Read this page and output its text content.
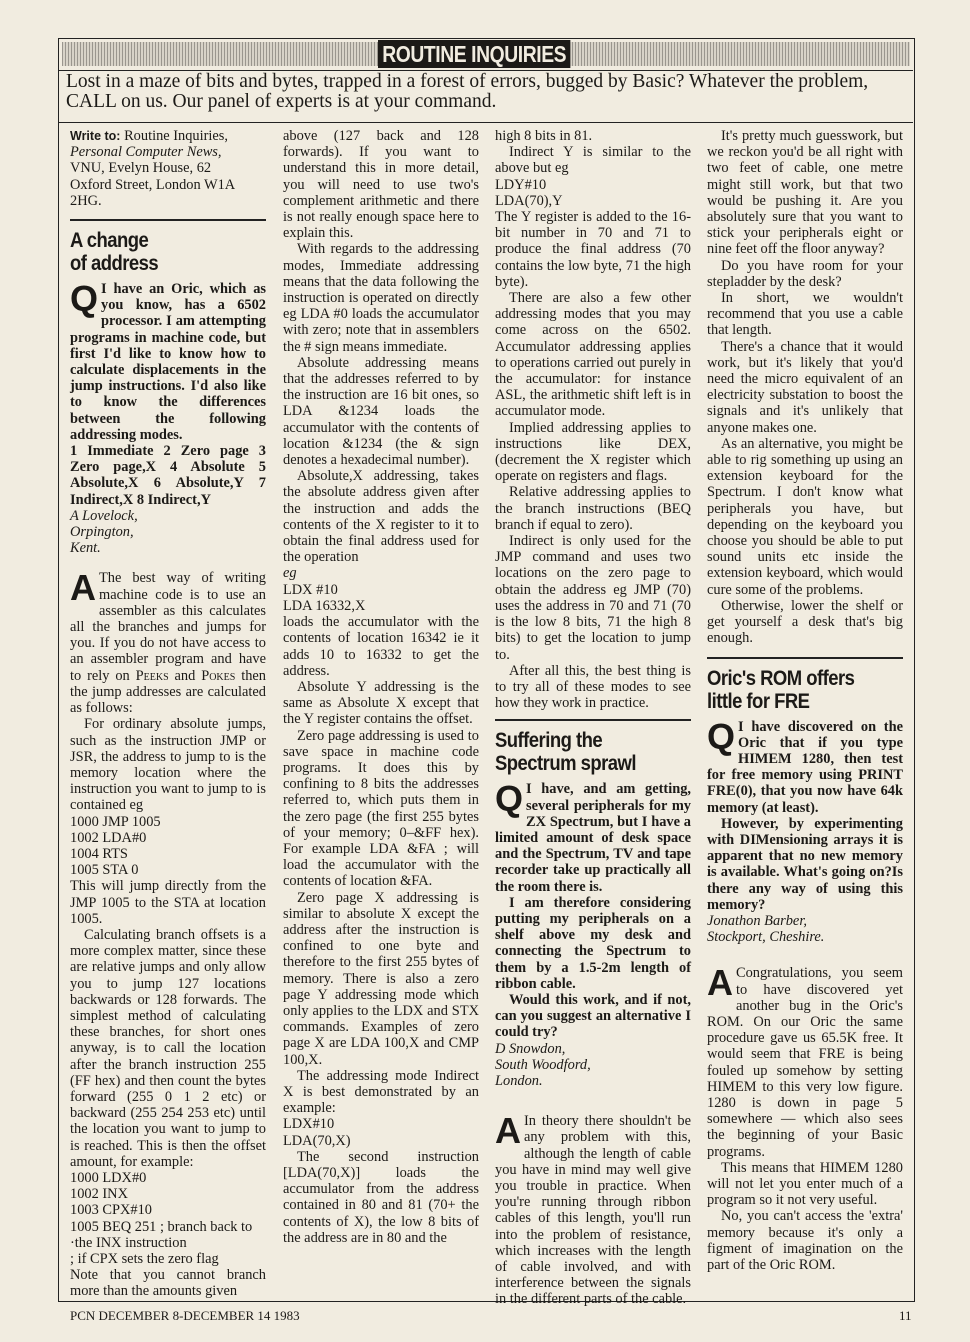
ROUTINE INQUIRIES
Lost in a maze of bits and bytes, trapped in a forest of errors, bugged by Basic? Whatever the problem, CALL on us. Our panel of experts is at your command.

Write to: Routine Inquiries,

Personal Computer News,

VNU, Evelyn House, 62

Oxford Street, London W1A

2HG.

A change
of address

Q I have an Oric, which as you know, has a 6502 processor. I am attempting programs in machine code, but first I'd like to know how to calculate displacements in the jump instructions. I'd also like to know the differences between the following addressing modes.

1 Immediate 2 Zero page 3 Zero page,X 4 Absolute 5 Absolute,X 6 Absolute,Y 7 Indirect,X 8 Indirect,Y

A Lovelock,

Orpington,

Kent.

A The best way of writing machine code is to use an assembler as this calculates all the branches and jumps for you. If you do not have access to an assembler program and have to rely on Peeks and Pokes then the jump addresses are calculated as follows:

For ordinary absolute jumps, such as the instruction JMP or JSR, the address to jump to is the memory location where the instruction you want to jump to is contained eg

1000 JMP 1005

1002 LDA#0

1004 RTS

1005 STA 0

This will jump directly from the JMP 1005 to the STA at location 1005.

Calculating branch offsets is a more complex matter, since these are relative jumps and only allow you to jump 127 locations backwards or 128 forwards. The simplest method of calculating these branches, for short ones anyway, is to call the location after the branch instruction 255 (FF hex) and then count the bytes forward (255 0 1 2 etc) or backward (255 254 253 etc) until the location you want to jump to is reached. This is then the offset amount, for example:

1000 LDX#0

1002 INX

1003 CPX#10

1005 BEQ 251 ; branch back to

·the INX instruction

; if CPX sets the zero flag

Note that you cannot branch more than the amounts given

above (127 back and 128 forwards). If you want to understand this in more detail, you will need to use two's complement arithmetic and there is not really enough space here to explain this.

With regards to the addressing modes, Immediate addressing means that the data following the instruction is operated on directly eg LDA #0 loads the accumulator with zero; note that in assemblers the # sign means immediate.

Absolute addressing means that the addresses referred to by the instruction are 16 bit ones, so LDA &1234 loads the accumulator with the contents of location &1234 (the & sign denotes a hexadecimal number).

Absolute,X addressing, takes the absolute address given after the instruction and adds the contents of the X register to it to obtain the final address used for the operation

eg

LDX #10

LDA 16332,X

loads the accumulator with the contents of location 16342 ie it adds 10 to 16332 to get the address.

Absolute Y addressing is the same as Absolute X except that the Y register contains the offset.

Zero page addressing is used to save space in machine code programs. It does this by confining to 8 bits the addresses referred to, which puts them in the zero page (the first 255 bytes of your memory; 0–&FF hex). For example LDA &FA ; will load the accumulator with the contents of location &FA.

Zero page X addressing is similar to absolute X except the address after the instruction is confined to one byte and therefore to the first 255 bytes of memory. There is also a zero page Y addressing mode which only applies to the LDX and STX commands. Examples of zero page X are LDA 100,X and CMP 100,X.

The addressing mode Indirect X is best demonstrated by an example:

LDX#10

LDA(70,X)

The second instruction [LDA(70,X)] loads the accumulator from the address contained in 80 and 81 (70+ the contents of X), the low 8 bits of the address are in 80 and the

high 8 bits in 81.

Indirect Y is similar to the above but eg

LDY#10

LDA(70),Y

The Y register is added to the 16-bit number in 70 and 71 to produce the final address (70 contains the low byte, 71 the high byte).

There are also a few other addressing modes that you may come across on the 6502. Accumulator addressing applies to operations carried out purely in the accumulator: for instance ASL, the arithmetic shift left is in accumulator mode.

Implied addressing applies to instructions like DEX, (decrement the X register which operate on registers and flags.

Relative addressing applies to the branch instructions (BEQ branch if equal to zero).

Indirect is only used for the JMP command and uses two locations on the zero page to obtain the address eg JMP (70) uses the address in 70 and 71 (70 is the low 8 bits, 71 the high 8 bits) to get the location to jump to.

After all this, the best thing is to try all of these modes to see how they work in practice.

Suffering the
Spectrum sprawl

Q I have, and am getting, several peripherals for my ZX Spectrum, but I have a limited amount of desk space and the Spectrum, TV and tape recorder take up practically all the room there is.

I am therefore considering putting my peripherals on a shelf above my desk and connecting the Spectrum to them by a 1.5-2m length of ribbon cable.

Would this work, and if not, can you suggest an alternative I could try?

D Snowdon,

South Woodford,

London.

A In theory there shouldn't be any problem with this, although the length of cable you have in mind may well give you trouble in practice. When you're running through ribbon cables of this length, you'll run into the problem of resistance, which increases with the length of cable involved, and with interference between the signals in the different parts of the cable.

It's pretty much guesswork, but we reckon you'd be all right with two feet of cable, one metre might still work, but that two would be pushing it. Are you absolutely sure that you want to stick your peripherals eight or nine feet off the floor anyway?

Do you have room for your stepladder by the desk?

In short, we wouldn't recommend that you use a cable that length.

There's a chance that it would work, but it's likely that you'd need the micro equivalent of an electricity substation to boost the signals and it's unlikely that anyone makes one.

As an alternative, you might be able to rig something up using an extension keyboard for the Spectrum. I don't know what peripherals you have, but depending on the keyboard you choose you should be able to put sound units etc inside the extension keyboard, which would cure some of the problems.

Otherwise, lower the shelf or get yourself a desk that's big enough.

Oric's ROM offers
little for FRE

Q I have discovered on the Oric that if you type HIMEM 1280, then test for free memory using PRINT FRE(0), that you now have 64k memory (at least).

However, by experimenting with DIMensioning arrays it is apparent that no new memory is available. What's going on?Is there any way of using this memory?

Jonathon Barber,

Stockport, Cheshire.

A Congratulations, you seem to have discovered yet another bug in the Oric's ROM. On our Oric the same procedure gave us 65.5K free. It would seem that FRE is being fouled up somehow by setting HIMEM to this very low figure. 1280 is down in page 5 somewhere — which also sees the beginning of your Basic programs.

This means that HIMEM 1280 will not let you enter much of a program so it not very useful.

No, you can't access the 'extra' memory because it's only a figment of imagination on the part of the Oric ROM.

PCN DECEMBER 8-DECEMBER 14 1983	11
